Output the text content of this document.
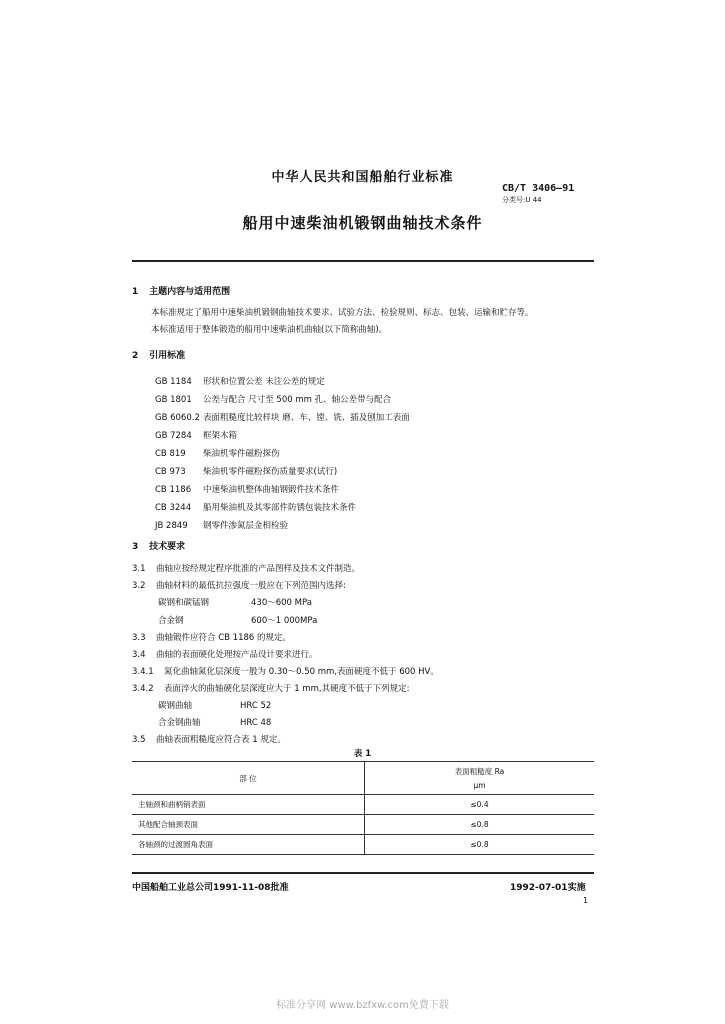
中华人民共和国船舶行业标准
CB/T 3406—91
分类号:U 44
船用中速柴油机锻钢曲轴技术条件
1 主题内容与适用范围
本标准规定了船用中速柴油机锻钢曲轴技术要求、试验方法、检验规则、标志、包装、运输和贮存等。
本标准适用于整体锻造的船用中速柴油机曲轴(以下简称曲轴)。
2 引用标准
GB 1184 形状和位置公差 未注公差的规定
GB 1801 公差与配合 尺寸至 500 mm 孔、轴公差带与配合
GB 6060.2 表面粗糙度比较样块 磨、车、镗、铣、插及刨加工表面
GB 7284 框架木箱
CB 819 柴油机零件磁粉探伤
CB 973 柴油机零件磁粉探伤质量要求(试行)
CB 1186 中速柴油机整体曲轴钢锻件技术条件
CB 3244 船用柴油机及其零部件防锈包装技术条件
JB 2849 钢零件渗氮层金相检验
3 技术要求
3.1 曲轴应按经规定程序批准的产品图样及技术文件制造。
3.2 曲轴材料的最低抗拉强度一般应在下列范围内选择:
碳钢和碳锰钢	430～600 MPa
合金钢	600～1 000MPa
3.3 曲轴锻件应符合 CB 1186 的规定。
3.4 曲轴的表面硬化处理按产品设计要求进行。
3.4.1 氮化曲轴氮化层深度一般为 0.30～0.50 mm,表面硬度不低于 600 HV。
3.4.2 表面淬火的曲轴硬化层深度应大于 1 mm,其硬度不低于下列规定:
碳钢曲轴	HRC 52
合金钢曲轴	HRC 48
3.5 曲轴表面粗糙度应符合表 1 规定。
表 1
部 位	表面粗糙度 Ra
μm

主轴颈和曲柄销表面	≤0.4
其他配合轴颈表面	≤0.8
各轴颈的过渡圆角表面	≤0.8
中国船舶工业总公司1991-11-08批准	1992-07-01实施
1
标准分享网 www.bzfxw.com免费下载
